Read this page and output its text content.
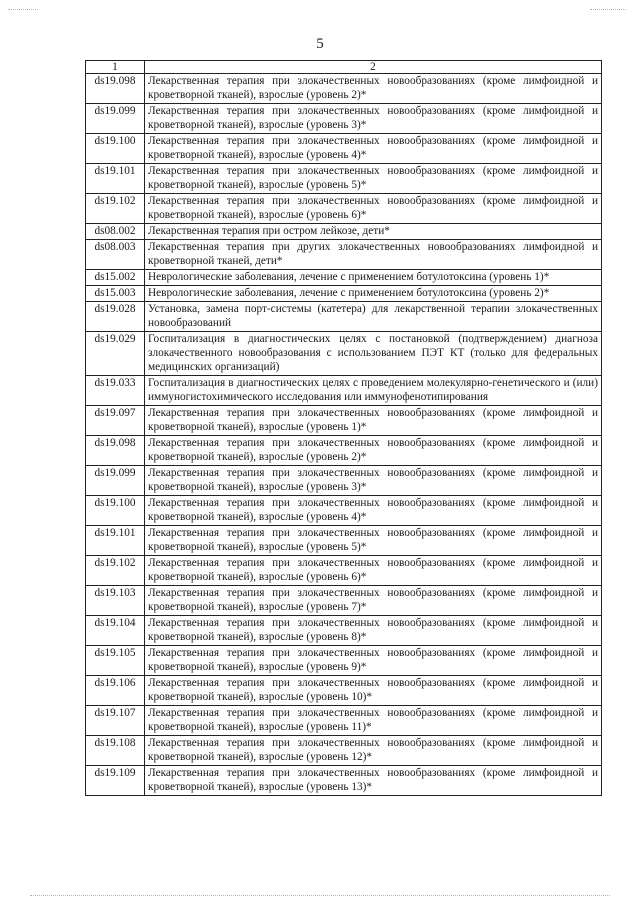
5
1	2
ds19.098	Лекарственная терапия при злокачественных новообразованиях (кроме лимфоидной и кроветворной тканей), взрослые (уровень 2)*
ds19.099	Лекарственная терапия при злокачественных новообразованиях (кроме лимфоидной и кроветворной тканей), взрослые (уровень 3)*
ds19.100	Лекарственная терапия при злокачественных новообразованиях (кроме лимфоидной и кроветворной тканей), взрослые (уровень 4)*
ds19.101	Лекарственная терапия при злокачественных новообразованиях (кроме лимфоидной и кроветворной тканей), взрослые (уровень 5)*
ds19.102	Лекарственная терапия при злокачественных новообразованиях (кроме лимфоидной и кроветворной тканей), взрослые (уровень 6)*
ds08.002	Лекарственная терапия при остром лейкозе, дети*
ds08.003	Лекарственная терапия при других злокачественных новообразованиях лимфоидной и кроветворной тканей, дети*
ds15.002	Неврологические заболевания, лечение с применением ботулотоксина (уровень 1)*
ds15.003	Неврологические заболевания, лечение с применением ботулотоксина (уровень 2)*
ds19.028	Установка, замена порт-системы (катетера) для лекарственной терапии злокачественных новообразований
ds19.029	Госпитализация в диагностических целях с постановкой (подтверждением) диагноза злокачественного новообразования с использованием ПЭТ КТ (только для федеральных медицинских организаций)
ds19.033	Госпитализация в диагностических целях с проведением молекулярно-генетического и (или) иммуногистохимического исследования или иммунофенотипирования
ds19.097	Лекарственная терапия при злокачественных новообразованиях (кроме лимфоидной и кроветворной тканей), взрослые (уровень 1)*
ds19.098	Лекарственная терапия при злокачественных новообразованиях (кроме лимфоидной и кроветворной тканей), взрослые (уровень 2)*
ds19.099	Лекарственная терапия при злокачественных новообразованиях (кроме лимфоидной и кроветворной тканей), взрослые (уровень 3)*
ds19.100	Лекарственная терапия при злокачественных новообразованиях (кроме лимфоидной и кроветворной тканей), взрослые (уровень 4)*
ds19.101	Лекарственная терапия при злокачественных новообразованиях (кроме лимфоидной и кроветворной тканей), взрослые (уровень 5)*
ds19.102	Лекарственная терапия при злокачественных новообразованиях (кроме лимфоидной и кроветворной тканей), взрослые (уровень 6)*
ds19.103	Лекарственная терапия при злокачественных новообразованиях (кроме лимфоидной и кроветворной тканей), взрослые (уровень 7)*
ds19.104	Лекарственная терапия при злокачественных новообразованиях (кроме лимфоидной и кроветворной тканей), взрослые (уровень 8)*
ds19.105	Лекарственная терапия при злокачественных новообразованиях (кроме лимфоидной и кроветворной тканей), взрослые (уровень 9)*
ds19.106	Лекарственная терапия при злокачественных новообразованиях (кроме лимфоидной и кроветворной тканей), взрослые (уровень 10)*
ds19.107	Лекарственная терапия при злокачественных новообразованиях (кроме лимфоидной и кроветворной тканей), взрослые (уровень 11)*
ds19.108	Лекарственная терапия при злокачественных новообразованиях (кроме лимфоидной и кроветворной тканей), взрослые (уровень 12)*
ds19.109	Лекарственная терапия при злокачественных новообразованиях (кроме лимфоидной и кроветворной тканей), взрослые (уровень 13)*
